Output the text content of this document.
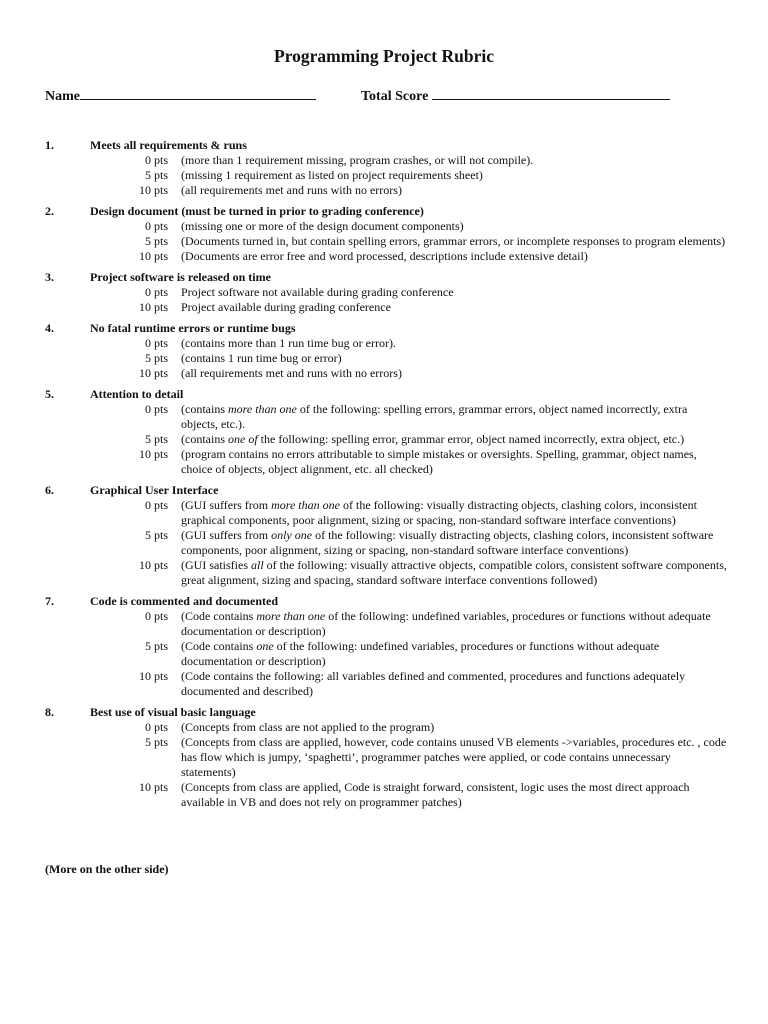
Programming Project Rubric
Name	Total Score
1.	Meets all requirements & runs
0 pts (more than 1 requirement missing, program crashes, or will not compile).
5 pts (missing 1 requirement as listed on project requirements sheet)
10 pts (all requirements met and runs with no errors)
2.	Design document (must be turned in prior to grading conference)
0 pts (missing one or more of the design document components)
5 pts (Documents turned in, but contain spelling errors, grammar errors, or incomplete responses to program elements)
10 pts (Documents are error free and word processed, descriptions include extensive detail)
3.	Project software is released on time
0 pts Project software not available during grading conference
10 pts Project available during grading conference
4.	No fatal runtime errors or runtime bugs
0 pts (contains more than 1 run time bug or error).
5 pts (contains 1 run time bug or error)
10 pts (all requirements met and runs with no errors)
5.	Attention to detail
0 pts (contains more than one of the following: spelling errors, grammar errors, object named incorrectly, extra objects, etc.).
5 pts (contains one of the following: spelling error, grammar error, object named incorrectly, extra object, etc.)
10 pts (program contains no errors attributable to simple mistakes or oversights. Spelling, grammar, object names, choice of objects, object alignment, etc. all checked)
6.	Graphical User Interface
0 pts (GUI suffers from more than one of the following: visually distracting objects, clashing colors, inconsistent graphical components, poor alignment, sizing or spacing, non-standard software interface conventions)
5 pts (GUI suffers from only one of the following: visually distracting objects, clashing colors, inconsistent software components, poor alignment, sizing or spacing, non-standard software interface conventions)
10 pts (GUI satisfies all of the following: visually attractive objects, compatible colors, consistent software components, great alignment, sizing and spacing, standard software interface conventions followed)
7.	Code is commented and documented
0 pts (Code contains more than one of the following: undefined variables, procedures or functions without adequate documentation or description)
5 pts (Code contains one of the following: undefined variables, procedures or functions without adequate documentation or description)
10 pts (Code contains the following: all variables defined and commented, procedures and functions adequately documented and described)
8.	Best use of visual basic language
0 pts (Concepts from class are not applied to the program)
5 pts (Concepts from class are applied, however, code contains unused VB elements ->variables, procedures etc. , code has flow which is jumpy, ‘spaghetti’, programmer patches were applied, or code contains unnecessary statements)
10 pts (Concepts from class are applied, Code is straight forward, consistent, logic uses the most direct approach available in VB and does not rely on programmer patches)
(More on the other side)
